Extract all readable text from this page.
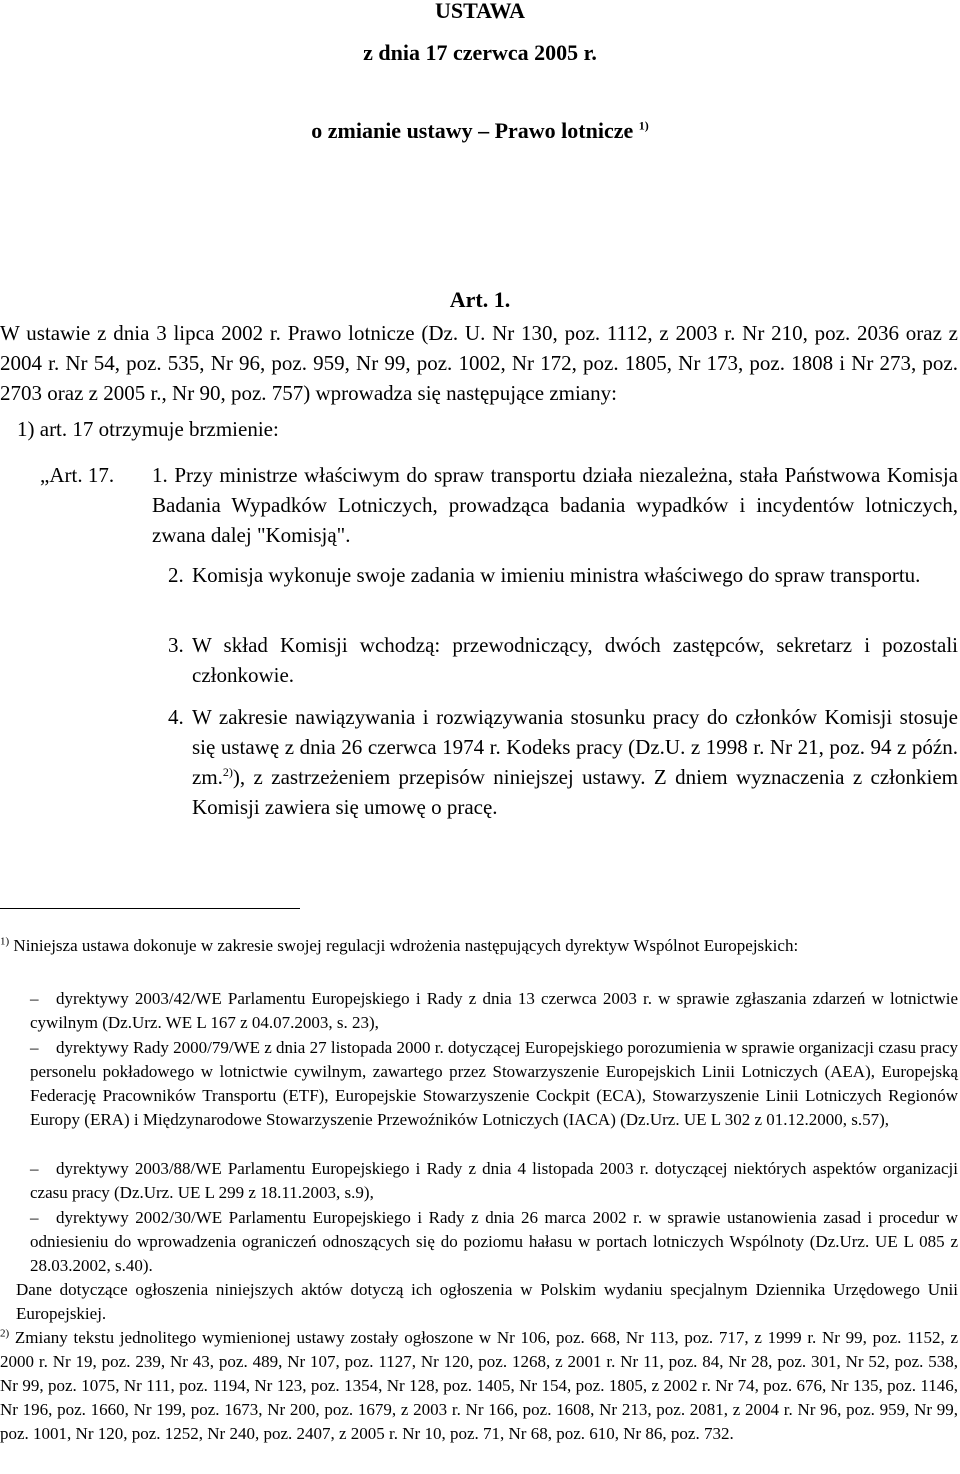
USTAWA
z dnia 17 czerwca 2005 r.
o zmianie ustawy – Prawo lotnicze $^{1)}$
Art. 1.
W ustawie z dnia 3 lipca 2002 r. Prawo lotnicze (Dz. U. Nr 130, poz. 1112, z 2003 r. Nr 210, poz. 2036 oraz z 2004 r. Nr 54, poz. 535, Nr 96, poz. 959, Nr 99, poz. 1002, Nr 172, poz. 1805, Nr 173, poz. 1808 i Nr 273, poz. 2703 oraz z 2005 r., Nr 90, poz. 757) wprowadza się następujące zmiany:
1) art. 17 otrzymuje brzmienie:
„Art. 17. 1. Przy ministrze właściwym do spraw transportu działa niezależna, stała Państwowa Komisja Badania Wypadków Lotniczych, prowadząca badania wypadków i incydentów lotniczych, zwana dalej "Komisją".
2. Komisja wykonuje swoje zadania w imieniu ministra właściwego do spraw transportu.
3. W skład Komisji wchodzą: przewodniczący, dwóch zastępców, sekretarz i pozostali członkowie.
4. W zakresie nawiązywania i rozwiązywania stosunku pracy do członków Komisji stosuje się ustawę z dnia 26 czerwca 1974 r. Kodeks pracy (Dz.U. z 1998 r. Nr 21, poz. 94 z późn. zm.$^{2)}$), z zastrzeżeniem przepisów niniejszej ustawy. Z dniem wyznaczenia z członkiem Komisji zawiera się umowę o pracę.
$^{1)}$ Niniejsza ustawa dokonuje w zakresie swojej regulacji wdrożenia następujących dyrektyw Wspólnot Europejskich:
– dyrektywy 2003/42/WE Parlamentu Europejskiego i Rady z dnia 13 czerwca 2003 r. w sprawie zgłaszania zdarzeń w lotnictwie cywilnym (Dz.Urz. WE L 167 z 04.07.2003, s. 23),
– dyrektywy Rady 2000/79/WE z dnia 27 listopada 2000 r. dotyczącej Europejskiego porozumienia w sprawie organizacji czasu pracy personelu pokładowego w lotnictwie cywilnym, zawartego przez Stowarzyszenie Europejskich Linii Lotniczych (AEA), Europejską Federację Pracowników Transportu (ETF), Europejskie Stowarzyszenie Cockpit (ECA), Stowarzyszenie Linii Lotniczych Regionów Europy (ERA) i Międzynarodowe Stowarzyszenie Przewoźników Lotniczych (IACA) (Dz.Urz. UE L 302 z 01.12.2000, s.57),
– dyrektywy 2003/88/WE Parlamentu Europejskiego i Rady z dnia 4 listopada 2003 r. dotyczącej niektórych aspektów organizacji czasu pracy (Dz.Urz. UE L 299 z 18.11.2003, s.9),
– dyrektywy 2002/30/WE Parlamentu Europejskiego i Rady z dnia 26 marca 2002 r. w sprawie ustanowienia zasad i procedur w odniesieniu do wprowadzenia ograniczeń odnoszących się do poziomu hałasu w portach lotniczych Wspólnoty (Dz.Urz. UE L 085 z 28.03.2002, s.40).
Dane dotyczące ogłoszenia niniejszych aktów dotyczą ich ogłoszenia w Polskim wydaniu specjalnym Dziennika Urzędowego Unii Europejskiej.
$^{2)}$ Zmiany tekstu jednolitego wymienionej ustawy zostały ogłoszone w Nr 106, poz. 668, Nr 113, poz. 717, z 1999 r. Nr 99, poz. 1152, z 2000 r. Nr 19, poz. 239, Nr 43, poz. 489, Nr 107, poz. 1127, Nr 120, poz. 1268, z 2001 r. Nr 11, poz. 84, Nr 28, poz. 301, Nr 52, poz. 538, Nr 99, poz. 1075, Nr 111, poz. 1194, Nr 123, poz. 1354, Nr 128, poz. 1405, Nr 154, poz. 1805, z 2002 r. Nr 74, poz. 676, Nr 135, poz. 1146, Nr 196, poz. 1660, Nr 199, poz. 1673, Nr 200, poz. 1679, z 2003 r. Nr 166, poz. 1608, Nr 213, poz. 2081, z 2004 r. Nr 96, poz. 959, Nr 99, poz. 1001, Nr 120, poz. 1252, Nr 240, poz. 2407, z 2005 r. Nr 10, poz. 71, Nr 68, poz. 610, Nr 86, poz. 732.
